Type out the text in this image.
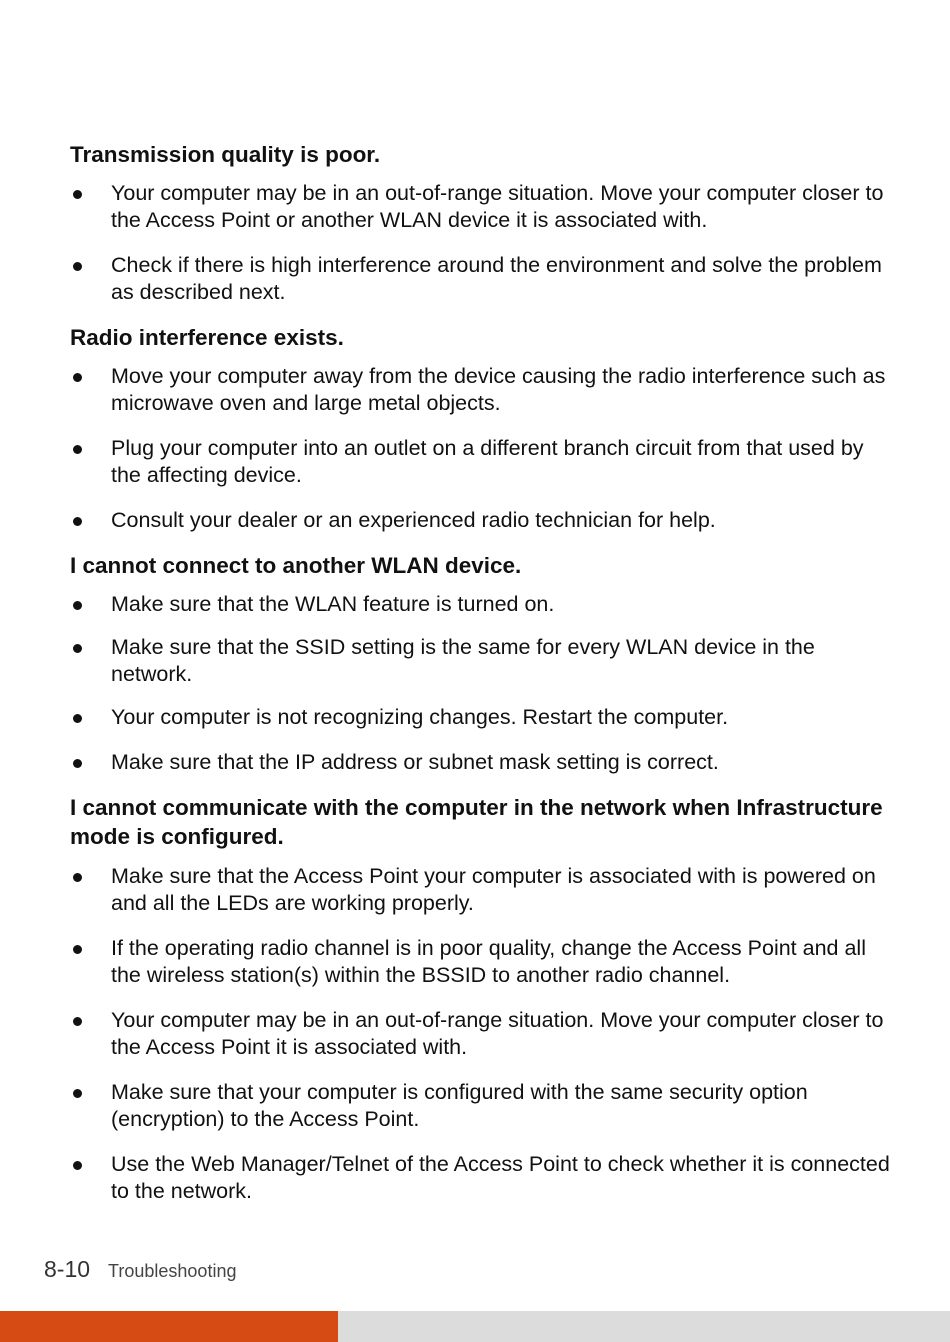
Transmission quality is poor.
Your computer may be in an out-of-range situation. Move your computer closer to the Access Point or another WLAN device it is associated with.
Check if there is high interference around the environment and solve the problem as described next.
Radio interference exists.
Move your computer away from the device causing the radio interference such as microwave oven and large metal objects.
Plug your computer into an outlet on a different branch circuit from that used by the affecting device.
Consult your dealer or an experienced radio technician for help.
I cannot connect to another WLAN device.
Make sure that the WLAN feature is turned on.
Make sure that the SSID setting is the same for every WLAN device in the network.
Your computer is not recognizing changes. Restart the computer.
Make sure that the IP address or subnet mask setting is correct.
I cannot communicate with the computer in the network when Infrastructure mode is configured.
Make sure that the Access Point your computer is associated with is powered on and all the LEDs are working properly.
If the operating radio channel is in poor quality, change the Access Point and all the wireless station(s) within the BSSID to another radio channel.
Your computer may be in an out-of-range situation. Move your computer closer to the Access Point it is associated with.
Make sure that your computer is configured with the same security option (encryption) to the Access Point.
Use the Web Manager/Telnet of the Access Point to check whether it is connected to the network.
8-10 Troubleshooting
